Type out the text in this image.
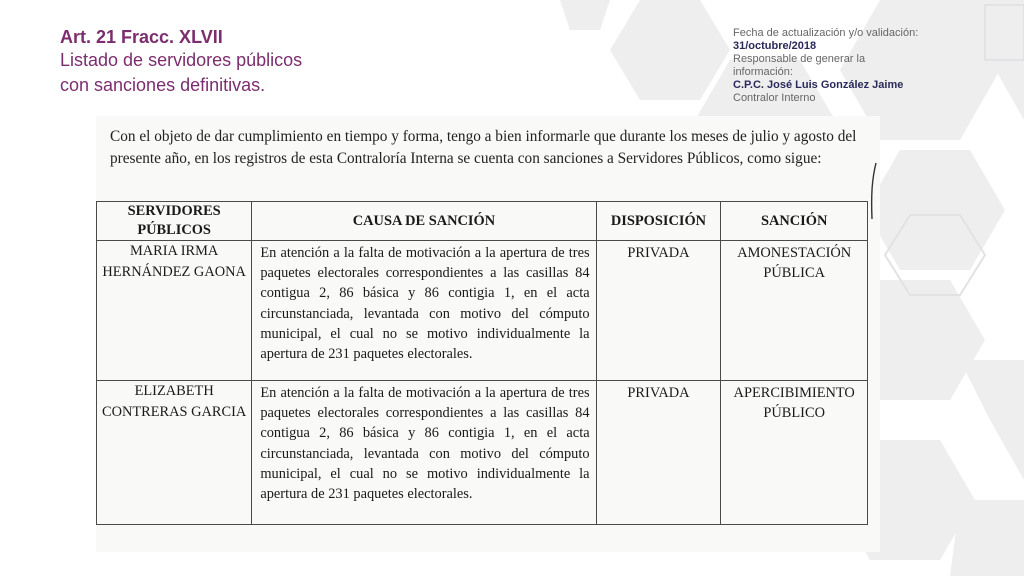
Art. 21 Fracc. XLVII
Listado de servidores públicos
con sanciones definitivas.
Fecha de actualización y/o validación:
31/octubre/2018
Responsable de generar la
información:
C.P.C. José Luis González Jaime
Contralor Interno
Con el objeto de dar cumplimiento en tiempo y forma, tengo a bien informarle que durante los meses de julio y agosto del presente año, en los registros de esta Contraloría Interna se cuenta con sanciones a Servidores Públicos, como sigue:
SERVIDORES
PÚBLICOS	CAUSA DE SANCIÓN	DISPOSICIÓN	SANCIÓN
MARIA IRMA
HERNÁNDEZ GAONA	En atención a la falta de motivación a la apertura de tres paquetes electorales correspondientes a las casillas 84 contigua 2, 86 básica y 86 contigia 1, en el acta circunstanciada, levantada con motivo del cómputo municipal, el cual no se motivo individualmente la apertura de 231 paquetes electorales.	PRIVADA	AMONESTACIÓN
PÚBLICA
ELIZABETH
CONTRERAS GARCIA	En atención a la falta de motivación a la apertura de tres paquetes electorales correspondientes a las casillas 84 contigua 2, 86 básica y 86 contigia 1, en el acta circunstanciada, levantada con motivo del cómputo municipal, el cual no se motivo individualmente la apertura de 231 paquetes electorales.	PRIVADA	APERCIBIMIENTO
PÚBLICO
